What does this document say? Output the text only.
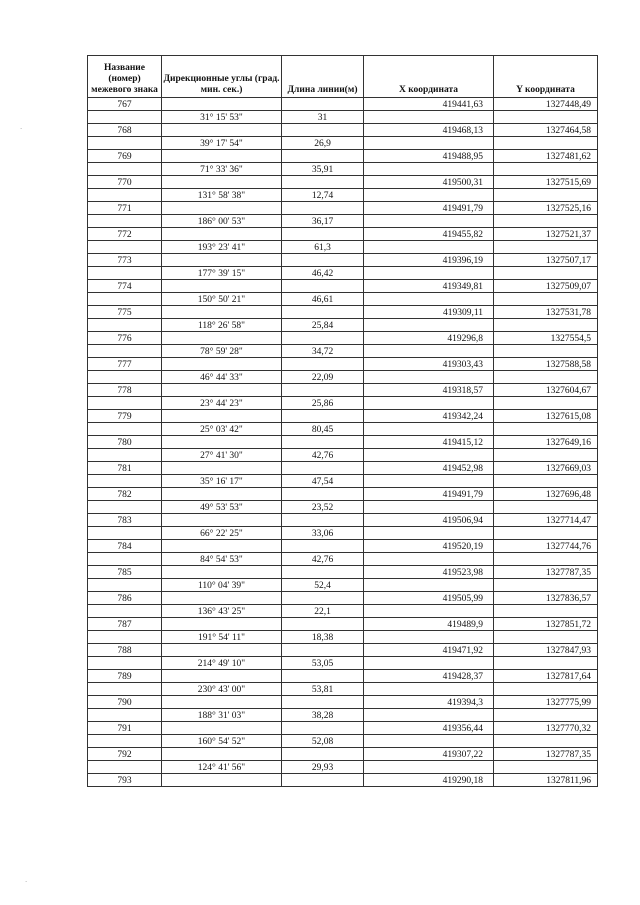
Название (номер) межевого знака	Дирекционные углы (град. мин. сек.)	Длина линии(м)	X координата	Y координата
767			419441,63	1327448,49
	31° 15' 53"	31		
768			419468,13	1327464,58
	39° 17' 54"	26,9		
769			419488,95	1327481,62
	71° 33' 36"	35,91		
770			419500,31	1327515,69
	131° 58' 38"	12,74		
771			419491,79	1327525,16
	186° 00' 53"	36,17		
772			419455,82	1327521,37
	193° 23' 41"	61,3		
773			419396,19	1327507,17
	177° 39' 15"	46,42		
774			419349,81	1327509,07
	150° 50' 21"	46,61		
775			419309,11	1327531,78
	118° 26' 58"	25,84		
776			419296,8	1327554,5
	78° 59' 28"	34,72		
777			419303,43	1327588,58
	46° 44' 33"	22,09		
778			419318,57	1327604,67
	23° 44' 23"	25,86		
779			419342,24	1327615,08
	25° 03' 42"	80,45		
780			419415,12	1327649,16
	27° 41' 30"	42,76		
781			419452,98	1327669,03
	35° 16' 17"	47,54		
782			419491,79	1327696,48
	49° 53' 53"	23,52		
783			419506,94	1327714,47
	66° 22' 25"	33,06		
784			419520,19	1327744,76
	84° 54' 53"	42,76		
785			419523,98	1327787,35
	110° 04' 39"	52,4		
786			419505,99	1327836,57
	136° 43' 25"	22,1		
787			419489,9	1327851,72
	191° 54' 11"	18,38		
788			419471,92	1327847,93
	214° 49' 10"	53,05		
789			419428,37	1327817,64
	230° 43' 00"	53,81		
790			419394,3	1327775,99
	188° 31' 03"	38,28		
791			419356,44	1327770,32
	160° 54' 52"	52,08		
792			419307,22	1327787,35
	124° 41' 56"	29,93		
793			419290,18	1327811,96
·
·
